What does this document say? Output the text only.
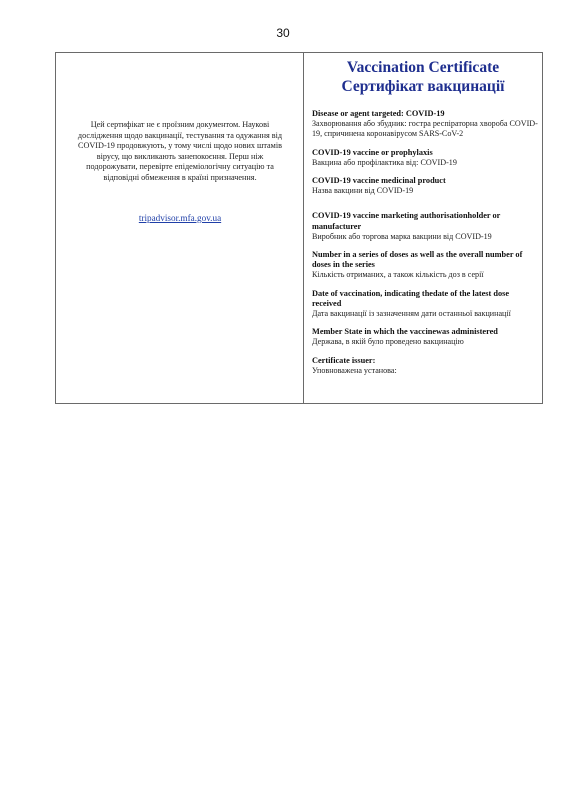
30
Цей сертифікат не є проїзним документом. Наукові дослідження щодо вакцинації, тестування та одужання від COVID-19 продовжують, у тому числі щодо нових штамів вірусу, що викликають занепокоєння. Перш ніж подорожувати, перевірте епідеміологічну ситуацію та відповідні обмеження в країні призначення.
tripadvisor.mfa.gov.ua
Vaccination Certificate
Сертифікат вакцинації
Disease or agent targeted: COVID-19
Захворювання або збудник: гостра респіраторна хвороба COVID-19, спричинена коронавірусом SARS-CoV-2
COVID-19 vaccine or prophylaxis
Вакцина або профілактика від: COVID-19
COVID-19 vaccine medicinal product
Назва вакцини від COVID-19
COVID-19 vaccine marketing authorisationholder or manufacturer
Виробник або торгова марка вакцини від COVID-19
Number in a series of doses as well as the overall number of doses in the series
Кількість отриманих, а також кількість доз в серії
Date of vaccination, indicating thedate of the latest dose received
Дата вакцинації із зазначенням дати останньої вакцинації
Member State in which the vaccinewas administered
Держава, в якій було проведено вакцинацію
Certificate issuer:
Уповноважена установа:
